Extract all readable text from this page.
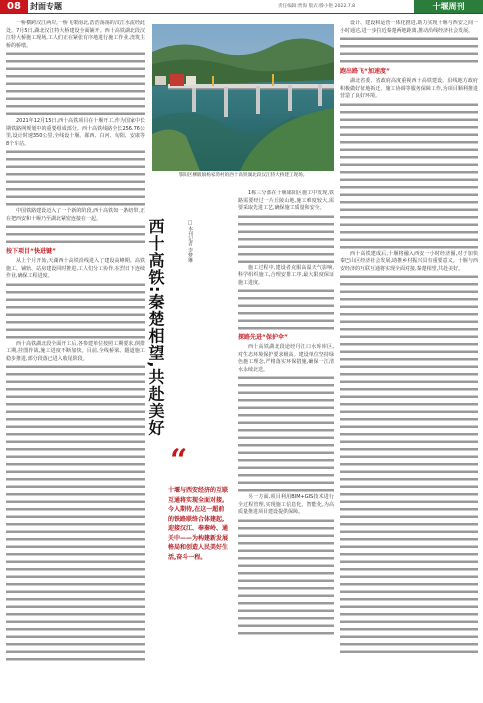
08	封面专题	责任编辑:贾海 版式:滕小艳 2022.7.8	十堰周刊

一桥横跨汉江两岸,一桥飞架南北,浩浩荡荡的汉江水流经此处。7月5日,湖北汉江特大桥建设全面铺开。西十高铁湖北段汉江特大桥施工现场,工人们正在紧张有序地进行施工作业,浇筑主桥的桥墩。

2021年12月15日,西十高铁项目在十堰开工,作为国家中长期铁路网规划中的重要组成部分。西十高铁线路全长256.76公里,设计时速350公里,全线设十堰、郧西、白河、旬阳、安康等8个车站。

中国铁路建设迈入了一个新的阶段,西十高铁如一条纽带,正在把西安和十堰乃至湖北紧密连接在一起。

按下项目“快进键”

从上个月开始,天湖西十高铁沿线进入了建设高峰期。高铁施工、铺轨、站房建设同时推进,工人们分工协作,在烈日下连续作业,确保工程进度。

西十高铁湖北段全面开工后,各参建单位按照工期要求,倒排工期,挂图作战,施工进度不断加快。目前,全线桥梁、隧道施工稳步推进,部分段落已进入收尾阶段。

鄂阳区柳陂镇杨家湾村的西十高铁湖北段汉江特大桥建工现场。
西十高铁:秦楚相望,共赴美好	□本刊记者 李梦琳
“
十堰与西安经济的互联互通将实现全面对接。今人期待,在这一超前的铁路联络合体建起,迎接汉江、奉秦岭、通关中——为构建新发展格局和创造人民美好生活,奋斗一程。

1栋三分部在十堰郧阳区施工中发现,铁路需要经过一片丘陵山地,施工难度较大,需要采取先进工艺,确保施工质量和安全。

施工过程中,建设者克服高温天气影响,科学组织施工,合理安排工序,最大限度保证施工进度。

探路先进“保护伞”

西十高铁湖北段途经丹江口水库库区,对生态环境保护要求极高。建设单位坚持绿色施工理念,严格落实环保措施,确保一江清水永续北送。

另一方面,项目利用BIM+GIS技术进行全过程管理,实现施工信息化、智能化,为高质量推进项目建设提供保障。

设计、建设和运营一体化推进,助力实现十堰与西安之间一小时通达,进一步拉近秦楚两地距离,推动沿线经济社会发展。

跑出路飞“加速度”

湖北省委、省政府高度重视西十高铁建设。沿线地方政府积极做好征地拆迁、施工协调等服务保障工作,为项目顺利推进营造了良好环境。

西十高铁建成后,十堰将融入西安一小时经济圈,对于加快秦巴山区经济社会发展,助推乡村振兴具有重要意义。十堰与西安经济的互联互通将实现全面对接,秦楚相望,共赴美好。
